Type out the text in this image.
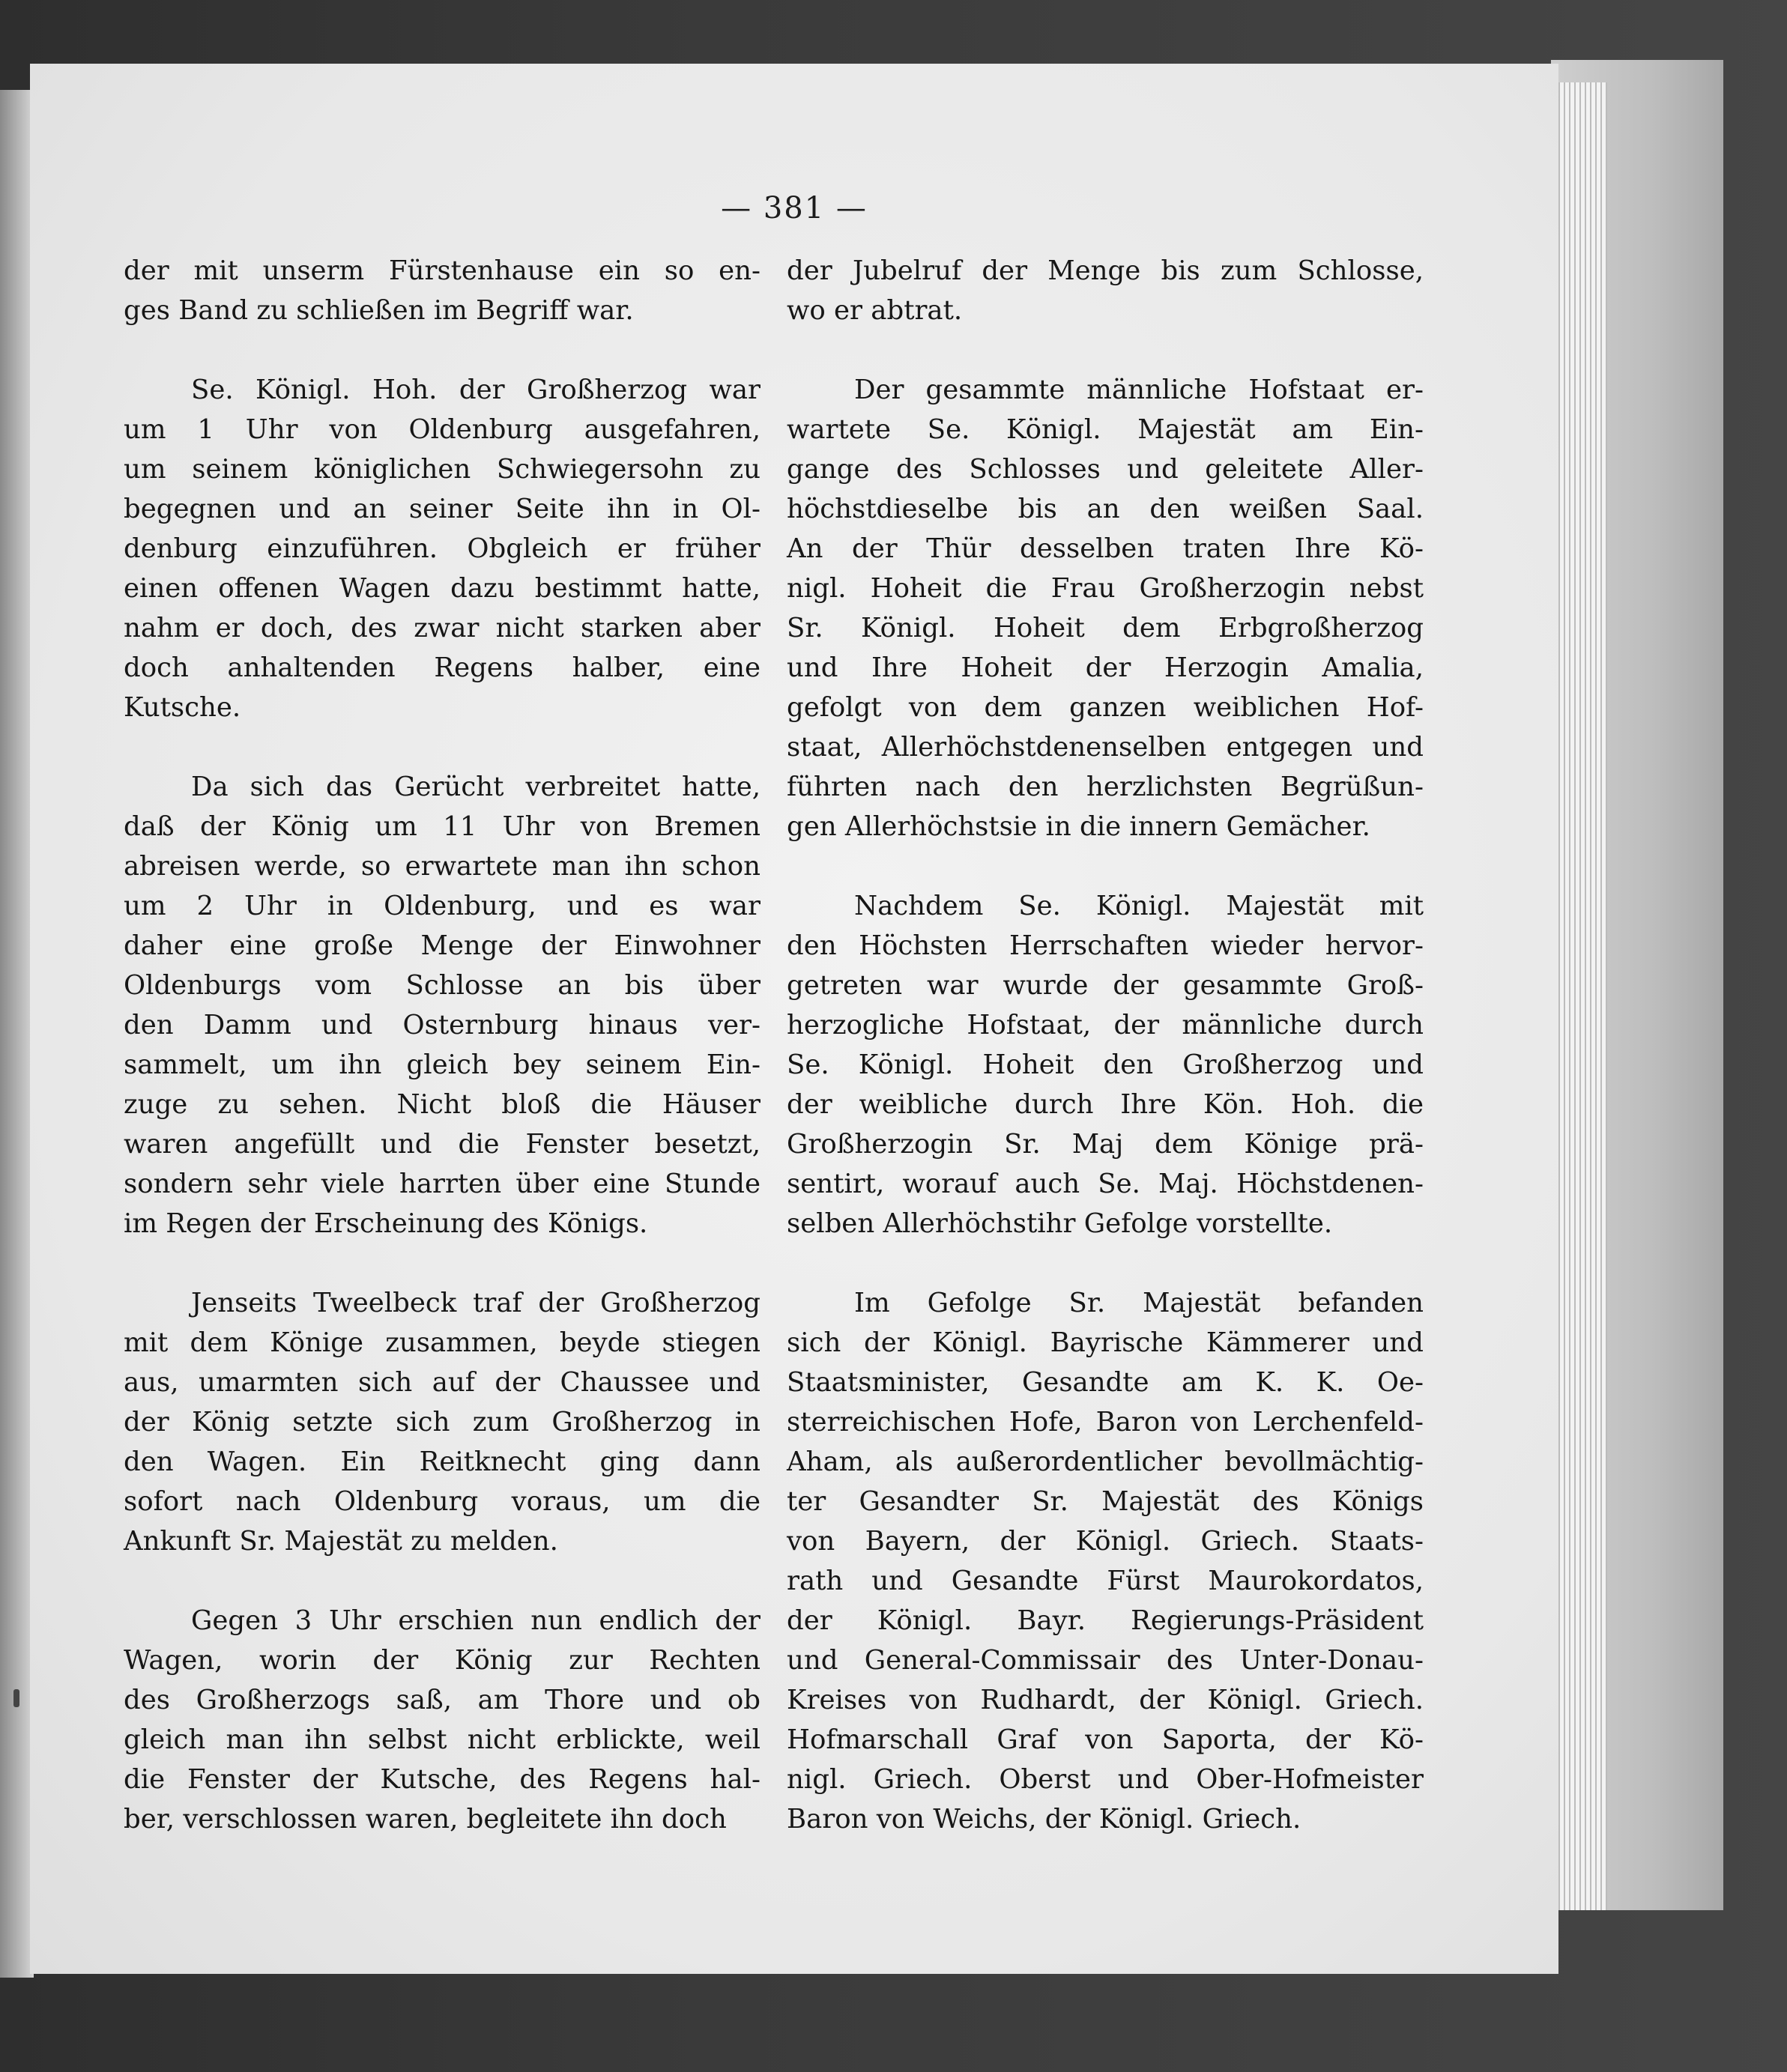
— 381 —
der mit unserm Fürstenhause ein so en-
ges Band zu schließen im Begriff war.
Se. Königl. Hoh. der Großherzog war
um 1 Uhr von Oldenburg ausgefahren,
um seinem königlichen Schwiegersohn zu
begegnen und an seiner Seite ihn in Ol-
denburg einzuführen. Obgleich er früher
einen offenen Wagen dazu bestimmt hatte,
nahm er doch, des zwar nicht starken aber
doch anhaltenden Regens halber, eine
Kutsche.
Da sich das Gerücht verbreitet hatte,
daß der König um 11 Uhr von Bremen
abreisen werde, so erwartete man ihn schon
um 2 Uhr in Oldenburg, und es war
daher eine große Menge der Einwohner
Oldenburgs vom Schlosse an bis über
den Damm und Osternburg hinaus ver-
sammelt, um ihn gleich bey seinem Ein-
zuge zu sehen. Nicht bloß die Häuser
waren angefüllt und die Fenster besetzt,
sondern sehr viele harrten über eine Stunde
im Regen der Erscheinung des Königs.
Jenseits Tweelbeck traf der Großherzog
mit dem Könige zusammen, beyde stiegen
aus, umarmten sich auf der Chaussee und
der König setzte sich zum Großherzog in
den Wagen. Ein Reitknecht ging dann
sofort nach Oldenburg voraus, um die
Ankunft Sr. Majestät zu melden.
Gegen 3 Uhr erschien nun endlich der
Wagen, worin der König zur Rechten
des Großherzogs saß, am Thore und ob
gleich man ihn selbst nicht erblickte, weil
die Fenster der Kutsche, des Regens hal-
ber, verschlossen waren, begleitete ihn doch
der Jubelruf der Menge bis zum Schlosse,
wo er abtrat.
Der gesammte männliche Hofstaat er-
wartete Se. Königl. Majestät am Ein-
gange des Schlosses und geleitete Aller-
höchstdieselbe bis an den weißen Saal.
An der Thür desselben traten Ihre Kö-
nigl. Hoheit die Frau Großherzogin nebst
Sr. Königl. Hoheit dem Erbgroßherzog
und Ihre Hoheit der Herzogin Amalia,
gefolgt von dem ganzen weiblichen Hof-
staat, Allerhöchstdenenselben entgegen und
führten nach den herzlichsten Begrüßun-
gen Allerhöchstsie in die innern Gemächer.
Nachdem Se. Königl. Majestät mit
den Höchsten Herrschaften wieder hervor-
getreten war wurde der gesammte Groß-
herzogliche Hofstaat, der männliche durch
Se. Königl. Hoheit den Großherzog und
der weibliche durch Ihre Kön. Hoh. die
Großherzogin Sr. Maj dem Könige prä-
sentirt, worauf auch Se. Maj. Höchstdenen-
selben Allerhöchstihr Gefolge vorstellte.
Im Gefolge Sr. Majestät befanden
sich der Königl. Bayrische Kämmerer und
Staatsminister, Gesandte am K. K. Oe-
sterreichischen Hofe, Baron von Lerchenfeld-
Aham, als außerordentlicher bevollmächtig-
ter Gesandter Sr. Majestät des Königs
von Bayern, der Königl. Griech. Staats-
rath und Gesandte Fürst Maurokordatos,
der Königl. Bayr. Regierungs-Präsident
und General-Commissair des Unter-Donau-
Kreises von Rudhardt, der Königl. Griech.
Hofmarschall Graf von Saporta, der Kö-
nigl. Griech. Oberst und Ober-Hofmeister
Baron von Weichs, der Königl. Griech.
